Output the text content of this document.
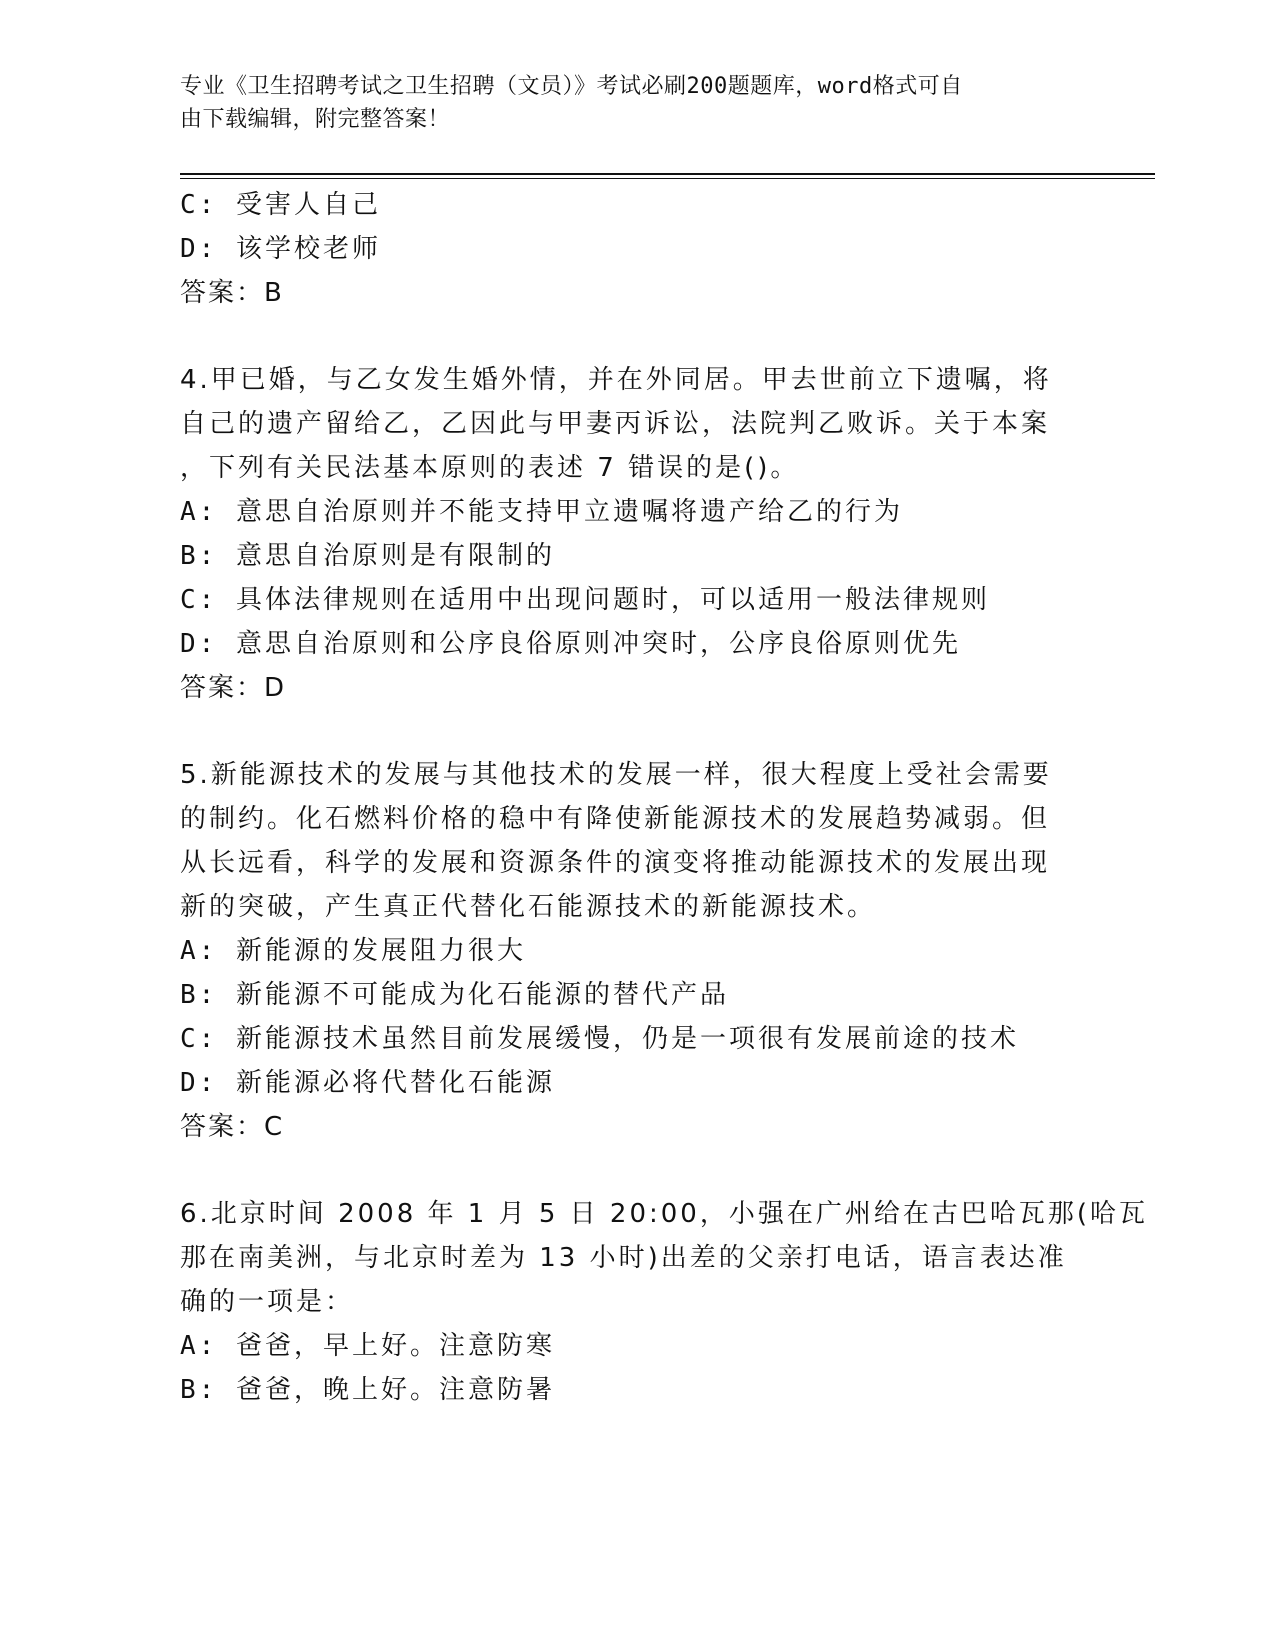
专业《卫生招聘考试之卫生招聘（文员）》考试必刷200题题库，word格式可自
由下载编辑，附完整答案！
C: 受害人自己
D: 该学校老师
答案：B
4.甲已婚，与乙女发生婚外情，并在外同居。甲去世前立下遗嘱，将
自己的遗产留给乙，乙因此与甲妻丙诉讼，法院判乙败诉。关于本案
，下列有关民法基本原则的表述 7 错误的是()。
A: 意思自治原则并不能支持甲立遗嘱将遗产给乙的行为
B: 意思自治原则是有限制的
C: 具体法律规则在适用中出现问题时，可以适用一般法律规则
D: 意思自治原则和公序良俗原则冲突时，公序良俗原则优先
答案：D
5.新能源技术的发展与其他技术的发展一样，很大程度上受社会需要
的制约。化石燃料价格的稳中有降使新能源技术的发展趋势减弱。但
从长远看，科学的发展和资源条件的演变将推动能源技术的发展出现
新的突破，产生真正代替化石能源技术的新能源技术。
A: 新能源的发展阻力很大
B: 新能源不可能成为化石能源的替代产品
C: 新能源技术虽然目前发展缓慢，仍是一项很有发展前途的技术
D: 新能源必将代替化石能源
答案：C
6.北京时间 2008 年 1 月 5 日 20:00，小强在广州给在古巴哈瓦那(哈瓦
那在南美洲，与北京时差为 13 小时)出差的父亲打电话，语言表达准
确的一项是：
A: 爸爸，早上好。注意防寒
B: 爸爸，晚上好。注意防暑
